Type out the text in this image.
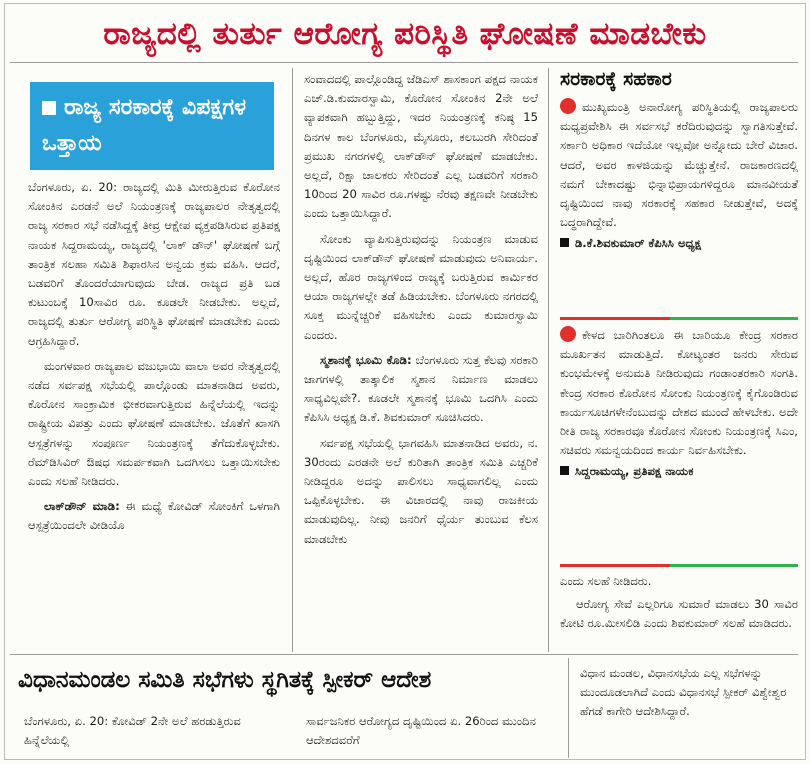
ರಾಜ್ಯದಲ್ಲಿ ತುರ್ತು ಆರೋಗ್ಯ ಪರಿಸ್ಥಿತಿ ಘೋಷಣೆ ಮಾಡಬೇಕು
ರಾಜ್ಯ ಸರಕಾರಕ್ಕೆ ವಿಪಕ್ಷಗಳ ಒತ್ತಾಯ

ಬೆಂಗಳೂರು, ಏ. 20: ರಾಜ್ಯದಲ್ಲಿ ಮಿತಿ ಮೀರುತ್ತಿರುವ ಕೊರೋನ ಸೋಂಕಿನ ಎರಡನೆ ಅಲೆ ನಿಯಂತ್ರಣಕ್ಕೆ ರಾಜ್ಯಪಾಲರ ನೇತೃತ್ವದಲ್ಲಿ ರಾಜ್ಯ ಸರಕಾರ ಸಭೆ ನಡೆಸಿದ್ದಕ್ಕೆ ತೀವ್ರ ಆಕ್ಷೇಪ ವ್ಯಕ್ತಪಡಿಸಿರುವ ಪ್ರತಿಪಕ್ಷ ನಾಯಕ ಸಿದ್ದರಾಮಯ್ಯ, ರಾಜ್ಯದಲ್ಲಿ 'ಲಾಕ್ ಡೌನ್' ಘೋಷಣೆ ಬಗ್ಗೆ ತಾಂತ್ರಿಕ ಸಲಹಾ ಸಮಿತಿ ಶಿಫಾರಸಿನ ಅನ್ವಯ ಕ್ರಮ ವಹಿಸಿ. ಆದರೆ, ಬಡವರಿಗೆ ತೊಂದರೆಯಾಗುವುದು ಬೇಡ. ರಾಜ್ಯದ ಪ್ರತಿ ಬಡ ಕುಟುಂಬಕ್ಕೆ 10ಸಾವಿರ ರೂ. ಕೂಡಲೇ ನೀಡಬೇಕು. ಅಲ್ಲದೆ, ರಾಜ್ಯದಲ್ಲಿ ತುರ್ತು ಆರೋಗ್ಯ ಪರಿಸ್ಥಿತಿ ಘೋಷಣೆ ಮಾಡಬೇಕು ಎಂದು ಆಗ್ರಹಿಸಿದ್ದಾರೆ.

ಮಂಗಳವಾರ ರಾಜ್ಯಪಾಲ ವಜುಭಾಯಿ ವಾಲಾ ಅವರ ನೇತೃತ್ವದಲ್ಲಿ ನಡೆದ ಸರ್ವಪಕ್ಷ ಸಭೆಯಲ್ಲಿ ಪಾಲ್ಗೊಂಡು ಮಾತನಾಡಿದ ಅವರು, ಕೊರೋನ ಸಾಂಕ್ರಾಮಿಕ ಭೀಕರವಾಗುತ್ತಿರುವ ಹಿನ್ನೆಲೆಯಲ್ಲಿ ಇದನ್ನು ರಾಷ್ಟ್ರೀಯ ವಿಪತ್ತು ಎಂದು ಘೋಷಣೆ ಮಾಡಬೇಕು. ಜೊತೆಗೆ ಖಾಸಗಿ ಆಸ್ಪತ್ರೆಗಳನ್ನು ಸಂಪೂರ್ಣ ನಿಯಂತ್ರಣಕ್ಕೆ ತೆಗೆದುಕೊಳ್ಳಬೇಕು. ರೆಮ್‌ಡಿಸಿವಿರ್ ಔಷಧ ಸಮರ್ಪಕವಾಗಿ ಒದಗಿಸಲು ಒತ್ತಾಯಿಸಬೇಕು ಎಂದು ಸಲಹೆ ನೀಡಿದರು.

ಲಾಕ್‌ಡೌನ್ ಮಾಡಿ: ಈ ಮಧ್ಯೆ ಕೋವಿಡ್ ಸೋಂಕಿಗೆ ಒಳಗಾಗಿ ಆಸ್ಪತ್ರೆಯಿಂದಲೇ ವೀಡಿಯೊ

ಸಂವಾದದಲ್ಲಿ ಪಾಲ್ಗೊಂಡಿದ್ದ ಜೆಡಿಎಸ್ ಶಾಸಕಾಂಗ ಪಕ್ಷದ ನಾಯಕ ಎಚ್.ಡಿ.ಕುಮಾರಸ್ವಾಮಿ, ಕೊರೋನ ಸೋಂಕಿನ 2ನೇ ಅಲೆ ವ್ಯಾಪಕವಾಗಿ ಹಬ್ಬುತ್ತಿದ್ದು, ಇದರ ನಿಯಂತ್ರಣಕ್ಕೆ ಕನಿಷ್ಠ 15 ದಿನಗಳ ಕಾಲ ಬೆಂಗಳೂರು, ಮೈಸೂರು, ಕಲಬುರಗಿ ಸೇರಿದಂತೆ ಪ್ರಮುಖ ನಗರಗಳಲ್ಲಿ ಲಾಕ್‌ಡೌನ್ ಘೋಷಣೆ ಮಾಡಬೇಕು. ಅಲ್ಲದೆ, ರಿಕ್ಷಾ ಚಾಲಕರು ಸೇರಿದಂತೆ ಎಲ್ಲ ಬಡವರಿಗೆ ಸರಕಾರಿ 10ರಿಂದ 20 ಸಾವಿರ ರೂ.ಗಳಷ್ಟು ನೆರವು ತಕ್ಷಣವೇ ನೀಡಬೇಕು ಎಂದು ಒತ್ತಾಯಿಸಿದ್ದಾರೆ.

ಸೋಂಕು ವ್ಯಾಪಿಸುತ್ತಿರುವುದನ್ನು ನಿಯಂತ್ರಣ ಮಾಡುವ ದೃಷ್ಟಿಯಿಂದ ಲಾಕ್‌ಡೌನ್ ಘೋಷಣೆ ಮಾಡುವುದು ಅನಿವಾರ್ಯ. ಅಲ್ಲದೆ, ಹೊರ ರಾಜ್ಯಗಳಿಂದ ರಾಜ್ಯಕ್ಕೆ ಬರುತ್ತಿರುವ ಕಾರ್ಮಿಕರ ಆಯಾ ರಾಜ್ಯಗಳಲ್ಲೇ ತಡೆ ಹಿಡಿಯಬೇಕು. ಬೆಂಗಳೂರು ನಗರದಲ್ಲಿ ಸೂಕ್ತ ಮುನ್ನೆಚ್ಚರಿಕೆ ವಹಿಸಬೇಕು ಎಂದು ಕುಮಾರಸ್ವಾಮಿ ಎಂದರು.

ಸ್ಮಶಾನಕ್ಕೆ ಭೂಮಿ ಕೊಡಿ: ಬೆಂಗಳೂರು ಸುತ್ತ ಕೆಲವು ಸರಕಾರಿ ಜಾಗಗಳಲ್ಲಿ ತಾತ್ಕಾಲಿಕ ಸ್ಮಶಾನ ನಿರ್ಮಾಣ ಮಾಡಲು ಸಾಧ್ಯವಿಲ್ಲವೇ?. ಕೂಡಲೇ ಸ್ಮಶಾನಕ್ಕೆ ಭೂಮಿ ಒದಗಿಸಿ ಎಂದು ಕೆಪಿಸಿಸಿ ಅಧ್ಯಕ್ಷ ಡಿ.ಕೆ. ಶಿವಕುಮಾರ್ ಸೂಚಿಸಿದರು.

ಸರ್ವಪಕ್ಷ ಸಭೆಯಲ್ಲಿ ಭಾಗವಹಿಸಿ ಮಾತನಾಡಿದ ಅವರು, ನ. 30ರಂದು ಎರಡನೇ ಅಲೆ ಕುರಿತಾಗಿ ತಾಂತ್ರಿಕ ಸಮಿತಿ ಎಚ್ಚರಿಕೆ ನೀಡಿದ್ದರೂ ಅದನ್ನು ಪಾಲಿಸಲು ಸಾಧ್ಯವಾಗಲಿಲ್ಲ ಎಂದು ಒಪ್ಪಿಕೊಳ್ಳಬೇಕು. ಈ ವಿಚಾರದಲ್ಲಿ ನಾವು ರಾಜಕೀಯ ಮಾಡುವುದಿಲ್ಲ. ನೀವು ಜನರಿಗೆ ಧೈರ್ಯ ತುಂಬುವ ಕೆಲಸ ಮಾಡಬೇಕು

ಸರಕಾರಕ್ಕೆ ಸಹಕಾರ
ಮುಖ್ಯಮಂತ್ರಿ ಅನಾರೋಗ್ಯ ಪರಿಸ್ಥಿತಿಯಲ್ಲಿ ರಾಜ್ಯಪಾಲರು ಮಧ್ಯಪ್ರವೇಶಿಸಿ ಈ ಸರ್ವಸಭೆ ಕರೆದಿರುವುದನ್ನು ಸ್ವಾಗತಿಸುತ್ತೇವೆ. ಸರ್ಕಾರಿ ಅಧಿಕಾರ ಇದೆಯೋ ಇಲ್ಲವೋ ಅನ್ನೋದು ಬೇರೆ ವಿಚಾರ. ಆದರೆ, ಅವರ ಕಾಳಜಿಯನ್ನು ಮೆಚ್ಚುತ್ತೇನೆ. ರಾಜಕಾರಣದಲ್ಲಿ ನಮಗೆ ಬೇಕಾದಷ್ಟು ಭಿನ್ನಾಭಿಪ್ರಾಯಗಳಿದ್ದರೂ ಮಾನವೀಯತೆ ದೃಷ್ಟಿಯಿಂದ ನಾವು ಸರಕಾರಕ್ಕೆ ಸಹಕಾರ ನೀಡುತ್ತೇವೆ, ಅದಕ್ಕೆ ಬದ್ಧರಾಗಿದ್ದೇವೆ.
ಡಿ.ಕೆ.ಶಿವಕುಮಾರ್ ಕೆಪಿಸಿಸಿ ಅಧ್ಯಕ್ಷ
ಕೇಳದ ಬಾರಿಗಿಂತಲೂ ಈ ಬಾರಿಯೂ ಕೇಂದ್ರ ಸರಕಾರ ಮೂರ್ಖತನ ಮಾಡುತ್ತಿದೆ. ಕೋಟ್ಯಂತರ ಜನರು ಸೇರುವ ಕುಂಭಮೇಳಕ್ಕೆ ಅನುಮತಿ ನೀಡಿರುವುದು ಗಂಡಾಂತರಕಾರಿ ಸಂಗತಿ. ಕೇಂದ್ರ ಸರಕಾರ ಕೊರೋನ ಸೋಂಕು ನಿಯಂತ್ರಣಕ್ಕೆ ಕೈಗೊಂಡಿರುವ ಕಾರ್ಯಸೂಚಿಗಳೇನೆಂಬುದನ್ನು ದೇಶದ ಮುಂದೆ ಹೇಳಬೇಕು. ಅದೇ ರೀತಿ ರಾಜ್ಯ ಸರಕಾರವೂ ಕೊರೋನ ಸೋಂಕು ನಿಯಂತ್ರಣಕ್ಕೆ ಸಿಎಂ, ಸಚಿವರು ಸಮನ್ವಯದಿಂದ ಕಾರ್ಯ ನಿರ್ವಹಿಸಬೇಕು.
ಸಿದ್ದರಾಮಯ್ಯ, ಪ್ರತಿಪಕ್ಷ ನಾಯಕ
ಎಂದು ಸಲಹೆ ನೀಡಿದರು.
ಆರೋಗ್ಯ ಸೇವೆ ಎಲ್ಲರಿಗೂ ಸುಮಾರೆ ಮಾಡಲು 30 ಸಾವಿರ ಕೋಟಿ ರೂ.ಮೀಸಲಿಡಿ ಎಂದು ಶಿವಕುಮಾರ್ ಸಲಹೆ ಮಾಡಿದರು.
ವಿಧಾನಮಂಡಲ ಸಮಿತಿ ಸಭೆಗಳು ಸ್ಥಗಿತಕ್ಕೆ ಸ್ಪೀಕರ್ ಆದೇಶ

ಬೆಂಗಳೂರು, ಏ. 20: ಕೋವಿಡ್ 2ನೇ ಅಲೆ ಹರಡುತ್ತಿರುವ ಹಿನ್ನೆಲೆಯಲ್ಲಿ

ಸಾರ್ವಜನಿಕರ ಆರೋಗ್ಯದ ದೃಷ್ಟಿಯಿಂದ ಏ. 26ರಿಂದ ಮುಂದಿನ ಆದೇಶದವರೆಗೆ

ವಿಧಾನ ಮಂಡಲ, ವಿಧಾನಸಭೆಯ ಎಲ್ಲ ಸಭೆಗಳನ್ನು ಮುಂದೂಡಲಾಗಿದೆ ಎಂದು ವಿಧಾನಸಭೆ ಸ್ಪೀಕರ್ ವಿಶ್ವೇಶ್ವರ ಹೆಗಡೆ ಕಾಗೇರಿ ಆದೇಶಿಸಿದ್ದಾರೆ.
